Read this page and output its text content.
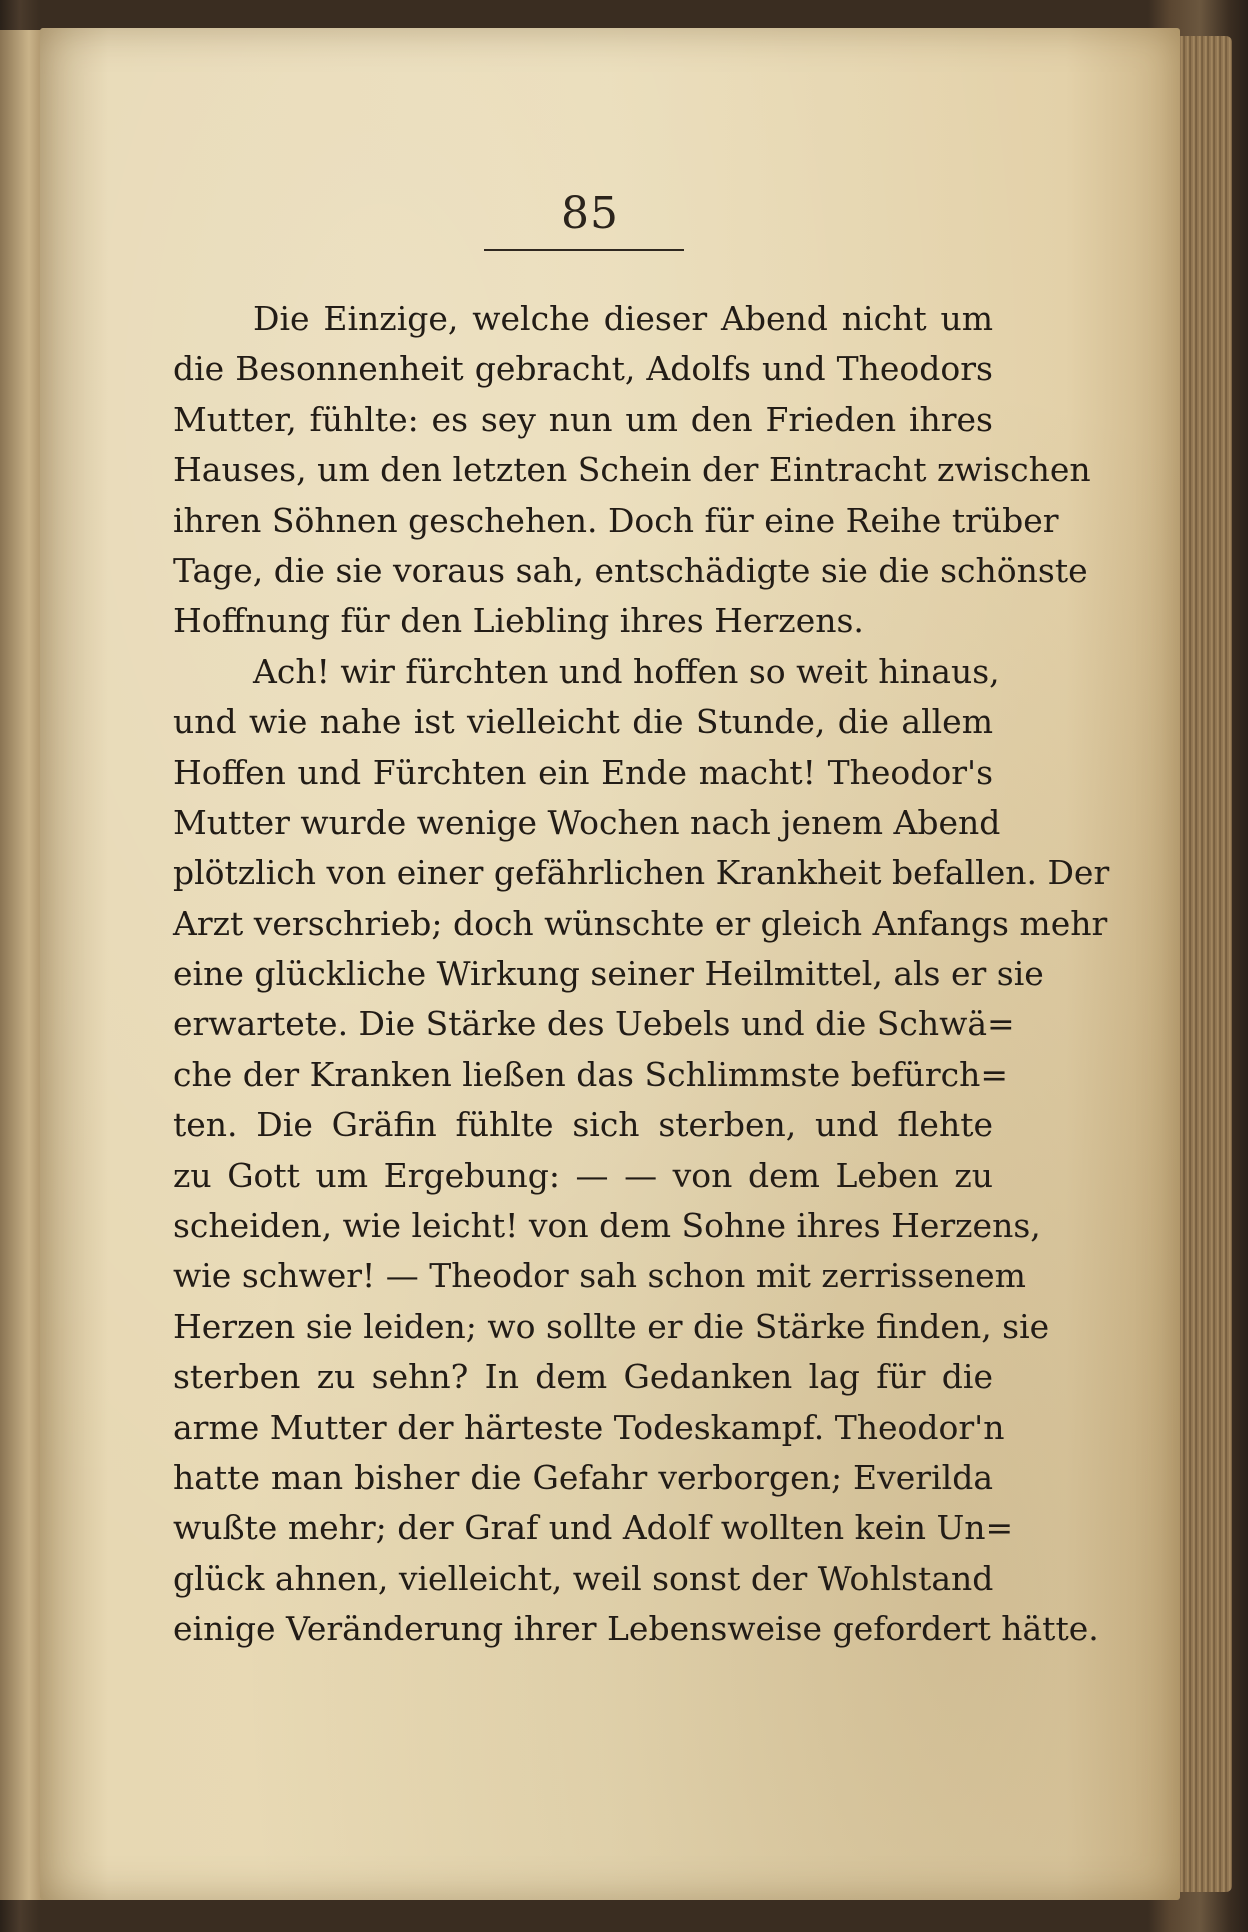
85
Die Einzige, welche dieser Abend nicht um
die Besonnenheit gebracht, Adolfs und Theodors
Mutter, fühlte: es sey nun um den Frieden ihres
Hauses, um den letzten Schein der Eintracht zwischen
ihren Söhnen geschehen. Doch für eine Reihe trüber
Tage, die sie voraus sah, entschädigte sie die schönste
Hoffnung für den Liebling ihres Herzens.
Ach! wir fürchten und hoffen so weit hinaus,
und wie nahe ist vielleicht die Stunde, die allem
Hoffen und Fürchten ein Ende macht! Theodor's
Mutter wurde wenige Wochen nach jenem Abend
plötzlich von einer gefährlichen Krankheit befallen. Der
Arzt verschrieb; doch wünschte er gleich Anfangs mehr
eine glückliche Wirkung seiner Heilmittel, als er sie
erwartete. Die Stärke des Uebels und die Schwä=
che der Kranken ließen das Schlimmste befürch=
ten. Die Gräfin fühlte sich sterben, und flehte
zu Gott um Ergebung: — — von dem Leben zu
scheiden, wie leicht! von dem Sohne ihres Herzens,
wie schwer! — Theodor sah schon mit zerrissenem
Herzen sie leiden; wo sollte er die Stärke finden, sie
sterben zu sehn? In dem Gedanken lag für die
arme Mutter der härteste Todeskampf. Theodor'n
hatte man bisher die Gefahr verborgen; Everilda
wußte mehr; der Graf und Adolf wollten kein Un=
glück ahnen, vielleicht, weil sonst der Wohlstand
einige Veränderung ihrer Lebensweise gefordert hätte.
